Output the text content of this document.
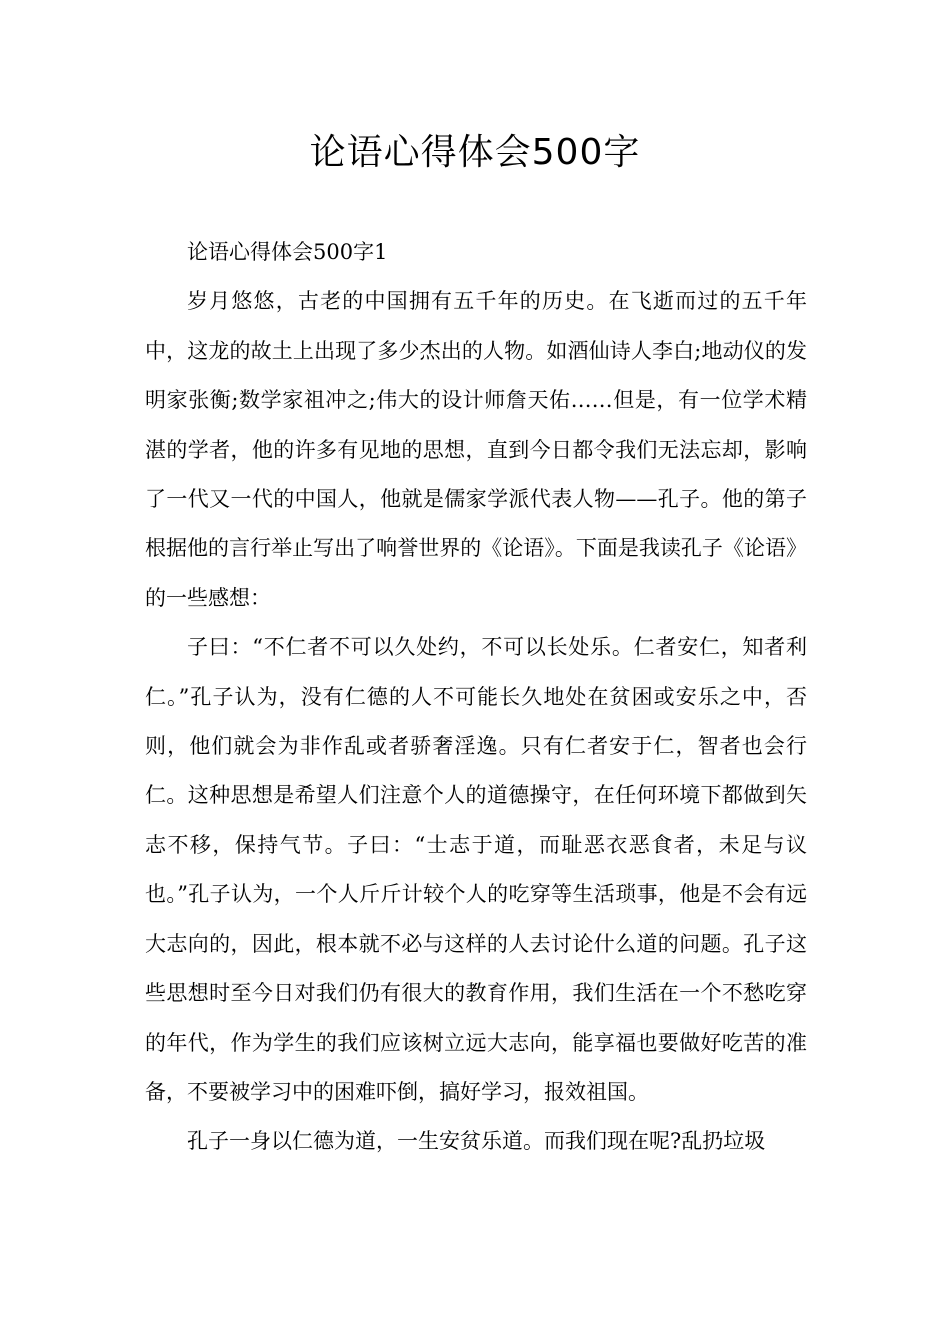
论语心得体会500字

论语心得体会500字1

岁月悠悠，古老的中国拥有五千年的历史。在飞逝而过的五千年中，这龙的故土上出现了多少杰出的人物。如酒仙诗人李白;地动仪的发明家张衡;数学家祖冲之;伟大的设计师詹天佑……但是，有一位学术精湛的学者，他的许多有见地的思想，直到今日都令我们无法忘却，影响了一代又一代的中国人，他就是儒家学派代表人物——孔子。他的第子根据他的言行举止写出了响誉世界的《论语》。下面是我读孔子《论语》的一些感想：

子曰：“不仁者不可以久处约，不可以长处乐。仁者安仁，知者利仁。”孔子认为，没有仁德的人不可能长久地处在贫困或安乐之中，否则，他们就会为非作乱或者骄奢淫逸。只有仁者安于仁，智者也会行仁。这种思想是希望人们注意个人的道德操守，在任何环境下都做到矢志不移，保持气节。子曰：“士志于道，而耻恶衣恶食者，未足与议也。”孔子认为，一个人斤斤计较个人的吃穿等生活琐事，他是不会有远大志向的，因此，根本就不必与这样的人去讨论什么道的问题。孔子这些思想时至今日对我们仍有很大的教育作用，我们生活在一个不愁吃穿的年代，作为学生的我们应该树立远大志向，能享福也要做好吃苦的准备，不要被学习中的困难吓倒，搞好学习，报效祖国。

孔子一身以仁德为道，一生安贫乐道。而我们现在呢?乱扔垃圾
